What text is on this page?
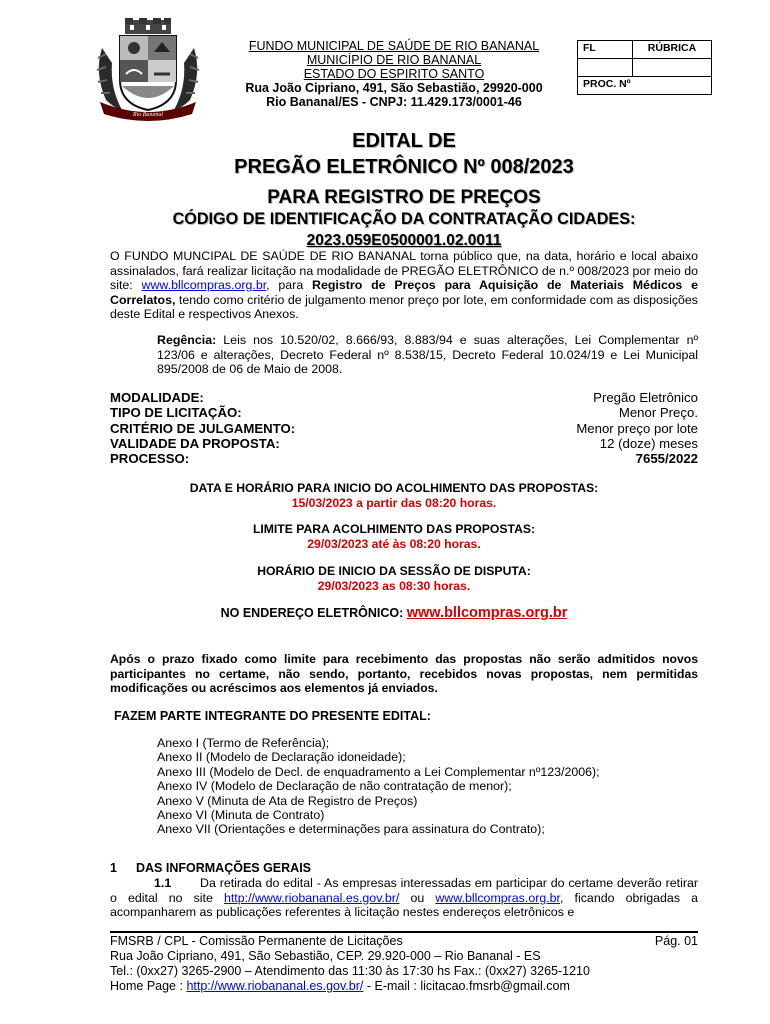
Rio Bananal
FUNDO MUNICIPAL DE SAÚDE DE RIO BANANAL
MUNICÍPIO DE RIO BANANAL
ESTADO DO ESPIRITO SANTO
Rua João Cipriano, 491, São Sebastião, 29920-000
Rio Bananal/ES - CNPJ: 11.429.173/0001-46
FL	RÚBRICA

PROC. Nº	
EDITAL DE
PREGÃO ELETRÔNICO Nº 008/2023
PARA REGISTRO DE PREÇOS
CÓDIGO DE IDENTIFICAÇÃO DA CONTRATAÇÃO CIDADES:
2023.059E0500001.02.0011
O FUNDO MUNCIPAL DE SAÚDE DE RIO BANANAL torna público que, na data, horário e local abaixo assinalados, fará realizar licitação na modalidade de PREGÃO ELETRÔNICO de n.º 008/2023 por meio do site: www.bllcompras.org.br, para Registro de Preços para Aquisição de Materiais Médicos e Correlatos, tendo como critério de julgamento menor preço por lote, em conformidade com as disposições deste Edital e respectivos Anexos.
Regência: Leis nos 10.520/02, 8.666/93, 8.883/94 e suas alterações, Lei Complementar nº 123/06 e alterações, Decreto Federal nº 8.538/15, Decreto Federal 10.024/19 e Lei Municipal 895/2008 de 06 de Maio de 2008.
MODALIDADE:	Pregão Eletrônico
TIPO DE LICITAÇÃO:	Menor Preço.
CRITÉRIO DE JULGAMENTO:	Menor preço por lote
VALIDADE DA PROPOSTA:	12 (doze) meses
PROCESSO:	7655/2022
DATA E HORÁRIO PARA INICIO DO ACOLHIMENTO DAS PROPOSTAS:
15/03/2023 a partir das 08:20 horas.
LIMITE PARA ACOLHIMENTO DAS PROPOSTAS:
29/03/2023 até às 08:20 horas.
HORÁRIO DE INICIO DA SESSÃO DE DISPUTA:
29/03/2023 as 08:30 horas.
NO ENDEREÇO ELETRÔNICO: www.bllcompras.org.br
Após o prazo fixado como limite para recebimento das propostas não serão admitidos novos participantes no certame, não sendo, portanto, recebidos novas propostas, nem permitidas modificações ou acréscimos aos elementos já enviados.
FAZEM PARTE INTEGRANTE DO PRESENTE EDITAL:
Anexo I (Termo de Referência);
Anexo II (Modelo de Declaração idoneidade);
Anexo III (Modelo de Decl. de enquadramento a Lei Complementar nº123/2006);
Anexo IV (Modelo de Declaração de não contratação de menor);
Anexo V (Minuta de Ata de Registro de Preços)
Anexo VI (Minuta de Contrato)
Anexo VII (Orientações e determinações para assinatura do Contrato);
1 DAS INFORMAÇÕES GERAIS
1.1 Da retirada do edital - As empresas interessadas em participar do certame deverão retirar o edital no site http://www.riobananal.es.gov.br/ ou www.bllcompras.org.br, ficando obrigadas a acompanharem as publicações referentes à licitação nestes endereços eletrônicos e
FMSRB / CPL - Comissão Permanente de Licitações	Pág. 01
Rua João Cipriano, 491, São Sebastião, CEP. 29.920-000 – Rio Bananal - ES
Tel.: (0xx27) 3265-2900 – Atendimento das 11:30 às 17:30 hs Fax.: (0xx27) 3265-1210
Home Page : http://www.riobananal.es.gov.br/ - E-mail : licitacao.fmsrb@gmail.com
